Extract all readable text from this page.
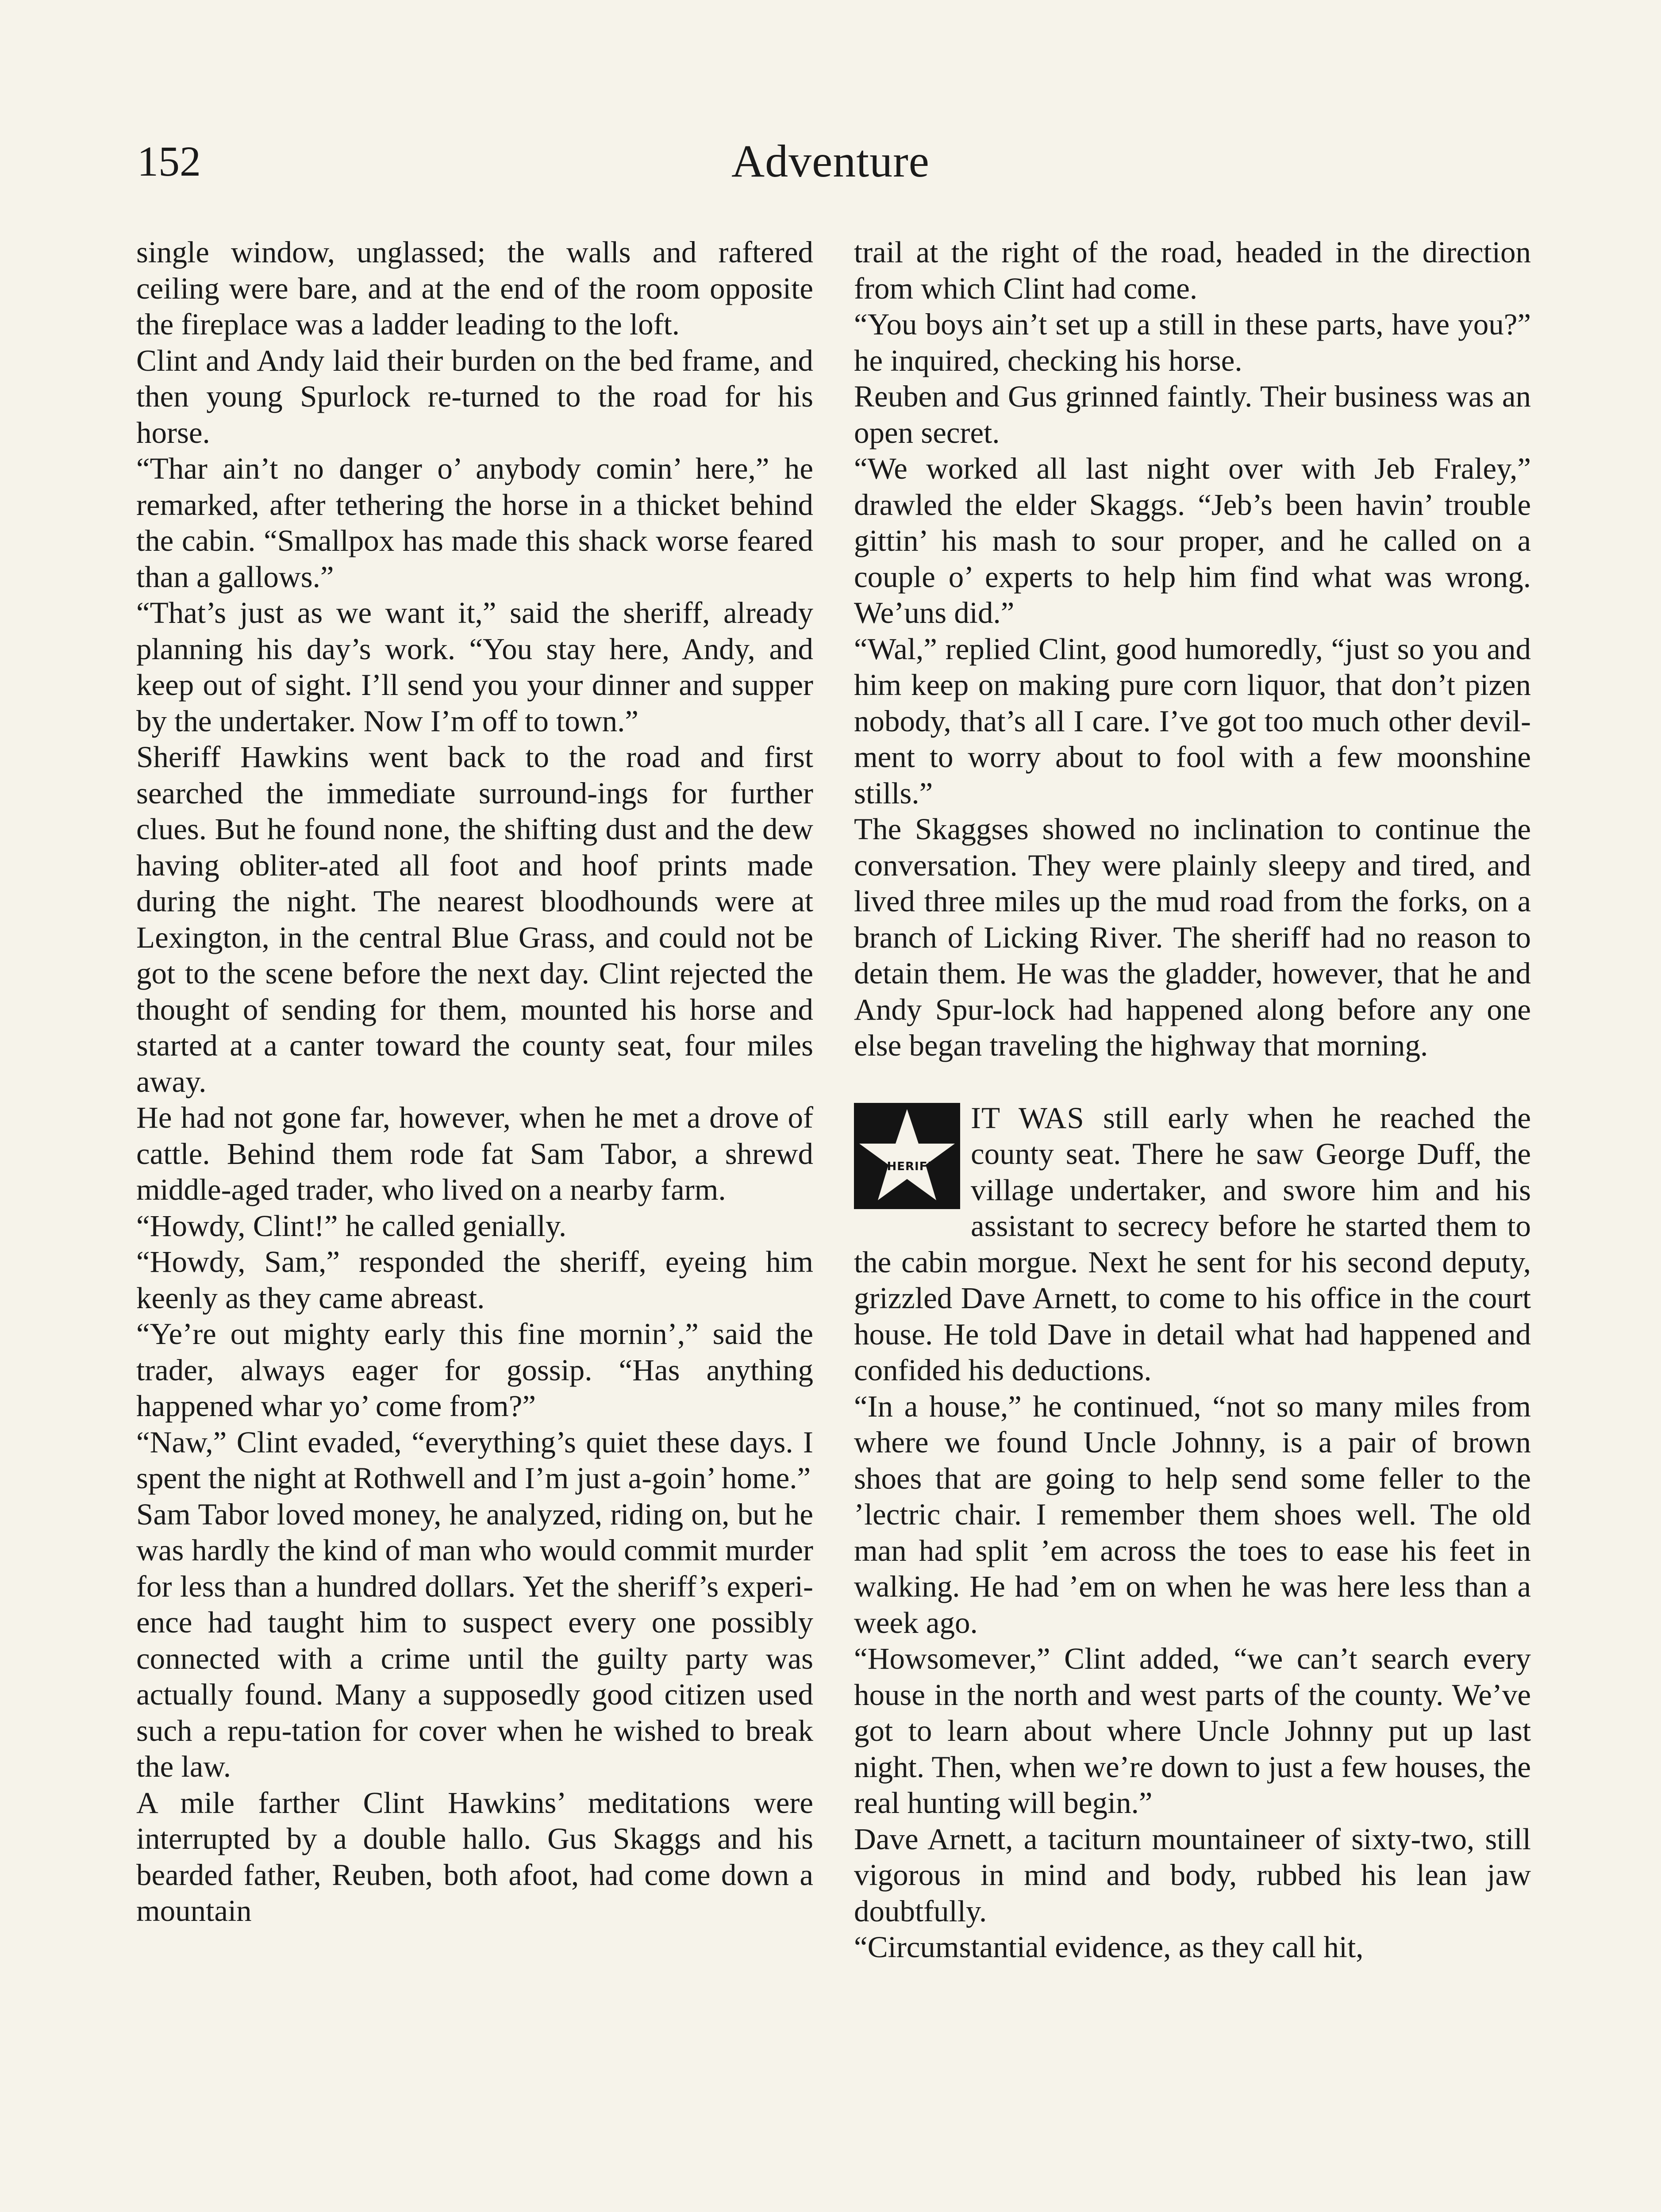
152	Adventure

single window, unglassed; the walls and raftered ceiling were bare, and at the end of the room opposite the fireplace was a ladder leading to the loft.

Clint and Andy laid their burden on the bed frame, and then young Spurlock re-turned to the road for his horse.

“Thar ain’t no danger o’ anybody comin’ here,” he remarked, after tethering the horse in a thicket behind the cabin. “Smallpox has made this shack worse feared than a gallows.”

“That’s just as we want it,” said the sheriff, already planning his day’s work. “You stay here, Andy, and keep out of sight. I’ll send you your dinner and supper by the undertaker. Now I’m off to town.”

Sheriff Hawkins went back to the road and first searched the immediate surround-ings for further clues. But he found none, the shifting dust and the dew having obliter-ated all foot and hoof prints made during the night. The nearest bloodhounds were at Lexington, in the central Blue Grass, and could not be got to the scene before the next day. Clint rejected the thought of sending for them, mounted his horse and started at a canter toward the county seat, four miles away.

He had not gone far, however, when he met a drove of cattle. Behind them rode fat Sam Tabor, a shrewd middle-aged trader, who lived on a nearby farm.

“Howdy, Clint!” he called genially.

“Howdy, Sam,” responded the sheriff, eyeing him keenly as they came abreast.

“Ye’re out mighty early this fine mornin’,” said the trader, always eager for gossip. “Has anything happened whar yo’ come from?”

“Naw,” Clint evaded, “everything’s quiet these days. I spent the night at Rothwell and I’m just a-goin’ home.”

Sam Tabor loved money, he analyzed, riding on, but he was hardly the kind of man who would commit murder for less than a hundred dollars. Yet the sheriff’s experi-ence had taught him to suspect every one possibly connected with a crime until the guilty party was actually found. Many a supposedly good citizen used such a repu-tation for cover when he wished to break the law.

A mile farther Clint Hawkins’ meditations were interrupted by a double hallo. Gus Skaggs and his bearded father, Reuben, both afoot, had come down a mountain

trail at the right of the road, headed in the direction from which Clint had come.

“You boys ain’t set up a still in these parts, have you?” he inquired, checking his horse.

Reuben and Gus grinned faintly. Their business was an open secret.

“We worked all last night over with Jeb Fraley,” drawled the elder Skaggs. “Jeb’s been havin’ trouble gittin’ his mash to sour proper, and he called on a couple o’ experts to help him find what was wrong. We’uns did.”

“Wal,” replied Clint, good humoredly, “just so you and him keep on making pure corn liquor, that don’t pizen nobody, that’s all I care. I’ve got too much other devil-ment to worry about to fool with a few moonshine stills.”

The Skaggses showed no inclination to continue the conversation. They were plainly sleepy and tired, and lived three miles up the mud road from the forks, on a branch of Licking River. The sheriff had no reason to detain them. He was the gladder, however, that he and Andy Spur-lock had happened along before any one else began traveling the highway that morning.

SHERIFF

IT WAS still early when he reached the county seat. There he saw George Duff, the village undertaker, and swore him and his assistant to secrecy before he started them to the cabin morgue. Next he sent for his second deputy, grizzled Dave Arnett, to come to his office in the court house. He told Dave in detail what had happened and confided his deductions.

“In a house,” he continued, “not so many miles from where we found Uncle Johnny, is a pair of brown shoes that are going to help send some feller to the ’lectric chair. I remember them shoes well. The old man had split ’em across the toes to ease his feet in walking. He had ’em on when he was here less than a week ago.

“Howsomever,” Clint added, “we can’t search every house in the north and west parts of the county. We’ve got to learn about where Uncle Johnny put up last night. Then, when we’re down to just a few houses, the real hunting will begin.”

Dave Arnett, a taciturn mountaineer of sixty-two, still vigorous in mind and body, rubbed his lean jaw doubtfully.

“Circumstantial evidence, as they call hit,
